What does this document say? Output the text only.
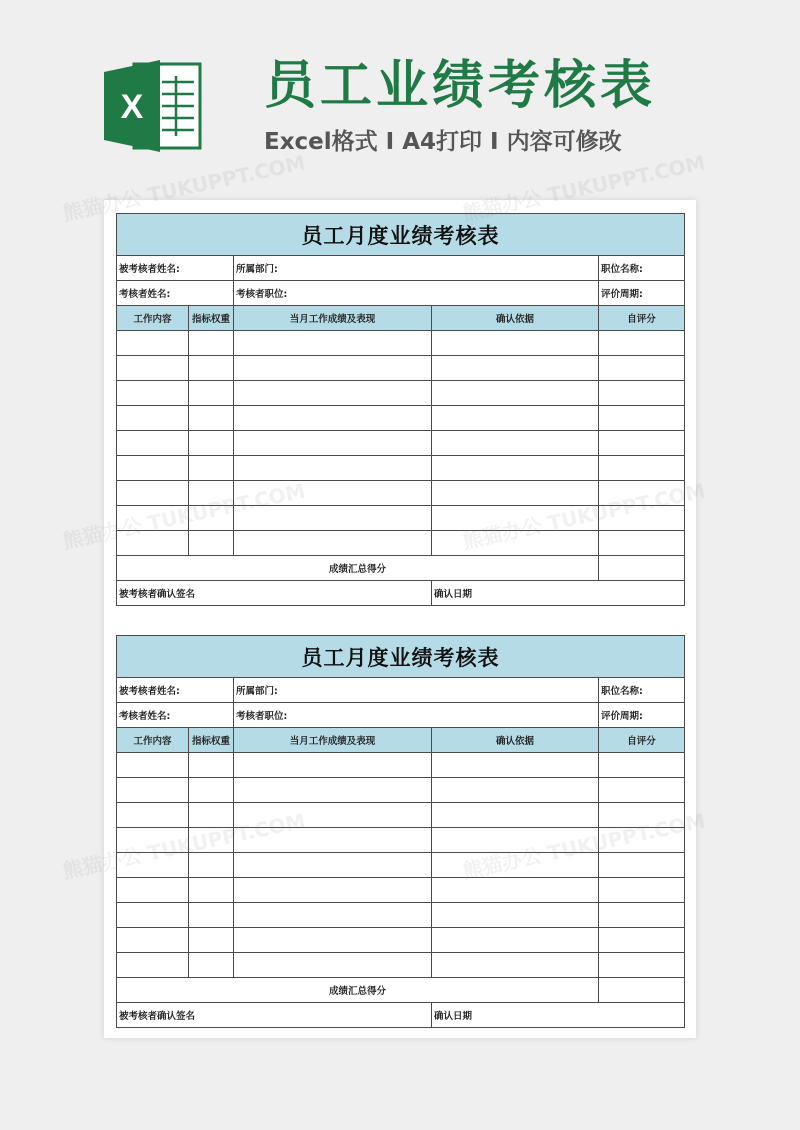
X 员工业绩考核表
Excel格式 Ι A4打印 Ι 内容可修改
员工月度业绩考核表				
被考核者姓名:		所属部门:		职位名称:
考核者姓名:		考核者职位:		评价周期:
工作内容	指标权重	当月工作成绩及表现	确认依据	自评分

成绩汇总得分				
被考核者确认签名			确认日期	
员工月度业绩考核表				
被考核者姓名:		所属部门:		职位名称:
考核者姓名:		考核者职位:		评价周期:
工作内容	指标权重	当月工作成绩及表现	确认依据	自评分

成绩汇总得分				
被考核者确认签名			确认日期	
熊猫办公 TUKUPPT.COM	熊猫办公 TUKUPPT.COM
熊猫办公
熊猫办公
